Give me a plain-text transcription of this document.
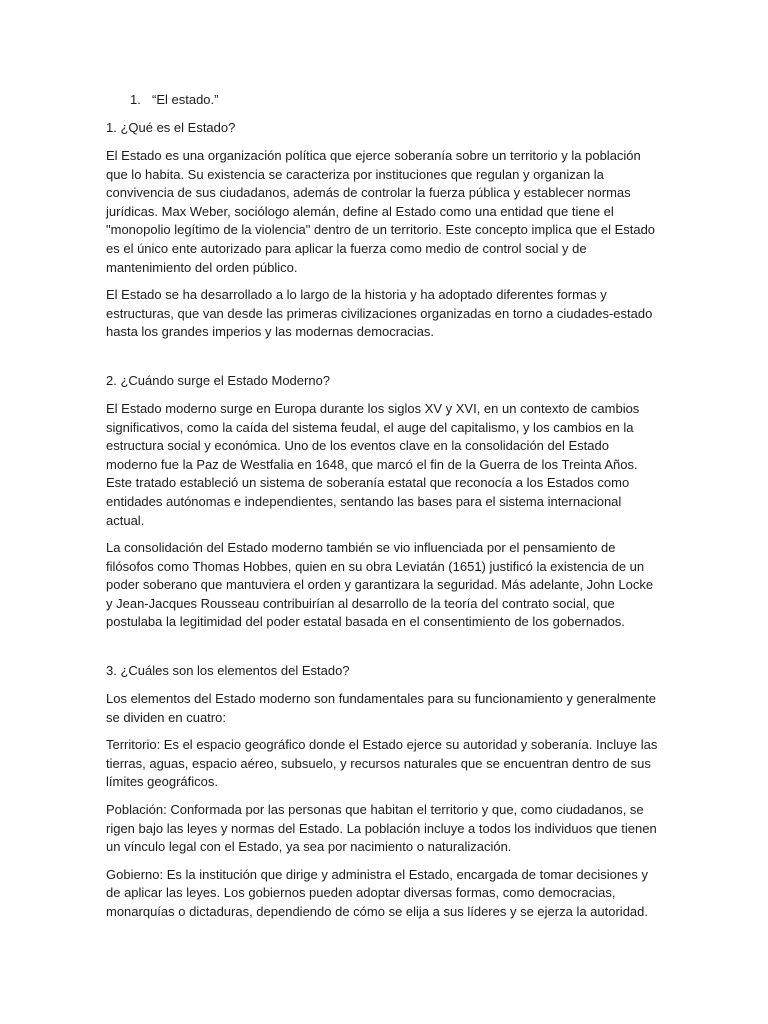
1. “El estado.”
1. ¿Qué es el Estado?

El Estado es una organización política que ejerce soberanía sobre un territorio y la población que lo habita. Su existencia se caracteriza por instituciones que regulan y organizan la convivencia de sus ciudadanos, además de controlar la fuerza pública y establecer normas jurídicas. Max Weber, sociólogo alemán, define al Estado como una entidad que tiene el "monopolio legítimo de la violencia" dentro de un territorio. Este concepto implica que el Estado es el único ente autorizado para aplicar la fuerza como medio de control social y de mantenimiento del orden público.

El Estado se ha desarrollado a lo largo de la historia y ha adoptado diferentes formas y estructuras, que van desde las primeras civilizaciones organizadas en torno a ciudades-estado hasta los grandes imperios y las modernas democracias.

2. ¿Cuándo surge el Estado Moderno?

El Estado moderno surge en Europa durante los siglos XV y XVI, en un contexto de cambios significativos, como la caída del sistema feudal, el auge del capitalismo, y los cambios en la estructura social y económica. Uno de los eventos clave en la consolidación del Estado moderno fue la Paz de Westfalia en 1648, que marcó el fin de la Guerra de los Treinta Años. Este tratado estableció un sistema de soberanía estatal que reconocía a los Estados como entidades autónomas e independientes, sentando las bases para el sistema internacional actual.

La consolidación del Estado moderno también se vio influenciada por el pensamiento de filósofos como Thomas Hobbes, quien en su obra Leviatán (1651) justificó la existencia de un poder soberano que mantuviera el orden y garantizara la seguridad. Más adelante, John Locke y Jean-Jacques Rousseau contribuirían al desarrollo de la teoría del contrato social, que postulaba la legitimidad del poder estatal basada en el consentimiento de los gobernados.

3. ¿Cuáles son los elementos del Estado?

Los elementos del Estado moderno son fundamentales para su funcionamiento y generalmente se dividen en cuatro:

Territorio: Es el espacio geográfico donde el Estado ejerce su autoridad y soberanía. Incluye las tierras, aguas, espacio aéreo, subsuelo, y recursos naturales que se encuentran dentro de sus límites geográficos.

Población: Conformada por las personas que habitan el territorio y que, como ciudadanos, se rigen bajo las leyes y normas del Estado. La población incluye a todos los individuos que tienen un vínculo legal con el Estado, ya sea por nacimiento o naturalización.

Gobierno: Es la institución que dirige y administra el Estado, encargada de tomar decisiones y de aplicar las leyes. Los gobiernos pueden adoptar diversas formas, como democracias, monarquías o dictaduras, dependiendo de cómo se elija a sus líderes y se ejerza la autoridad.
